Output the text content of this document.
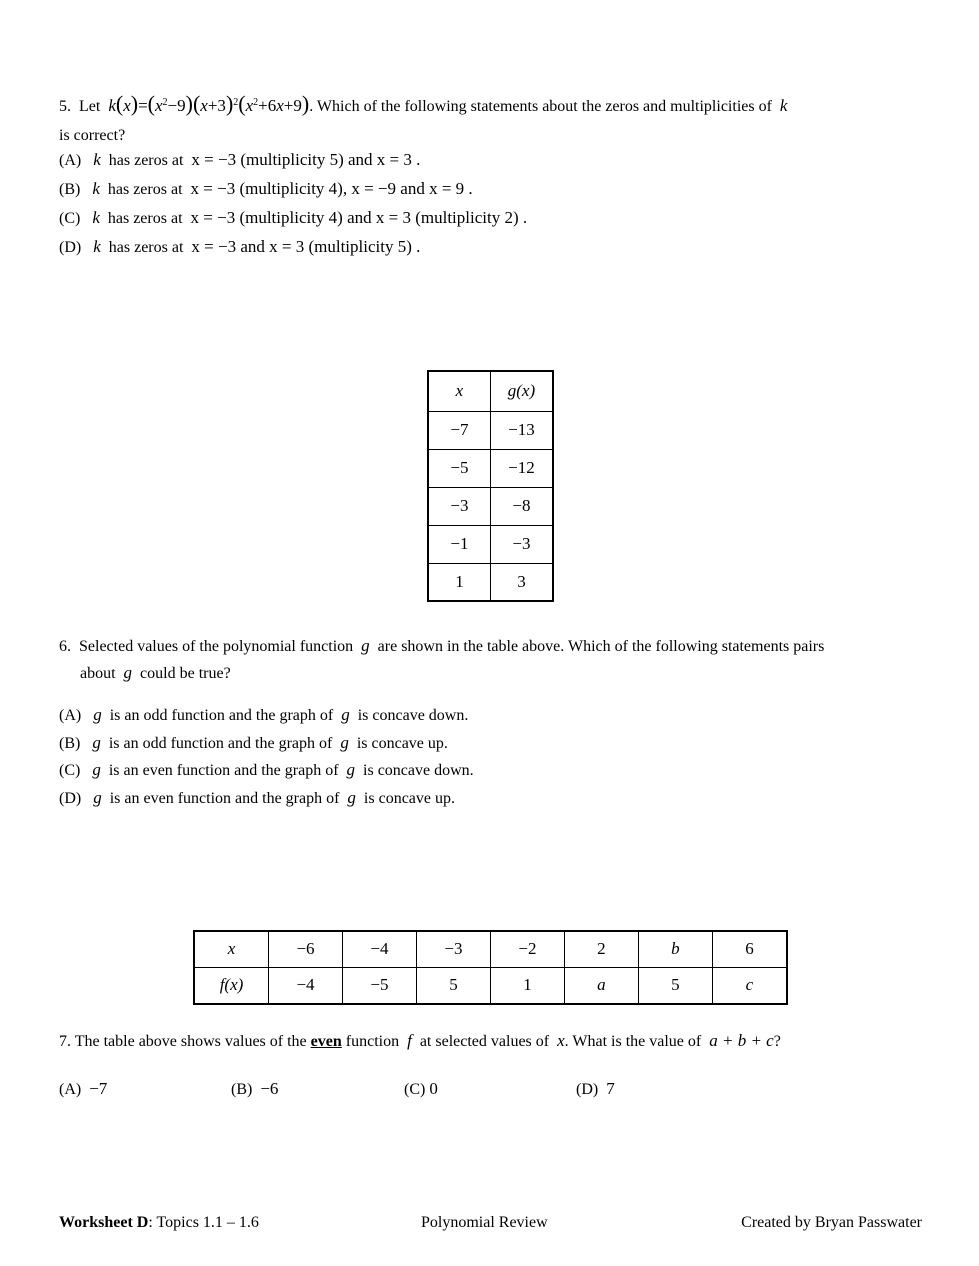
5. Let $k(x)=(x^2-9)(x+3)^2(x^2+6x+9)$. Which of the following statements about the zeros and multiplicities of k
is correct?
(A) k has zeros at x = −3 (multiplicity 5) and x = 3 .
(B) k has zeros at x = −3 (multiplicity 4), x = −9 and x = 9 .
(C) k has zeros at x = −3 (multiplicity 4) and x = 3 (multiplicity 2) .
(D) k has zeros at x = −3 and x = 3 (multiplicity 5) .
x	g(x)
−7	−13
−5	−12
−3	−8
−1	−3
1	3
6. Selected values of the polynomial function g are shown in the table above. Which of the following statements pairs
about g could be true?
(A) g is an odd function and the graph of g is concave down.
(B) g is an odd function and the graph of g is concave up.
(C) g is an even function and the graph of g is concave down.
(D) g is an even function and the graph of g is concave up.
x	−6	−4	−3	−2	2	b	6
f(x)	−4	−5	5	1	a	5	c
7. The table above shows values of the even function f at selected values of x. What is the value of a + b + c?
(A) −7	(B) −6	(C) 0	(D) 7
Worksheet D: Topics 1.1 – 1.6	Polynomial Review	Created by Bryan Passwater
